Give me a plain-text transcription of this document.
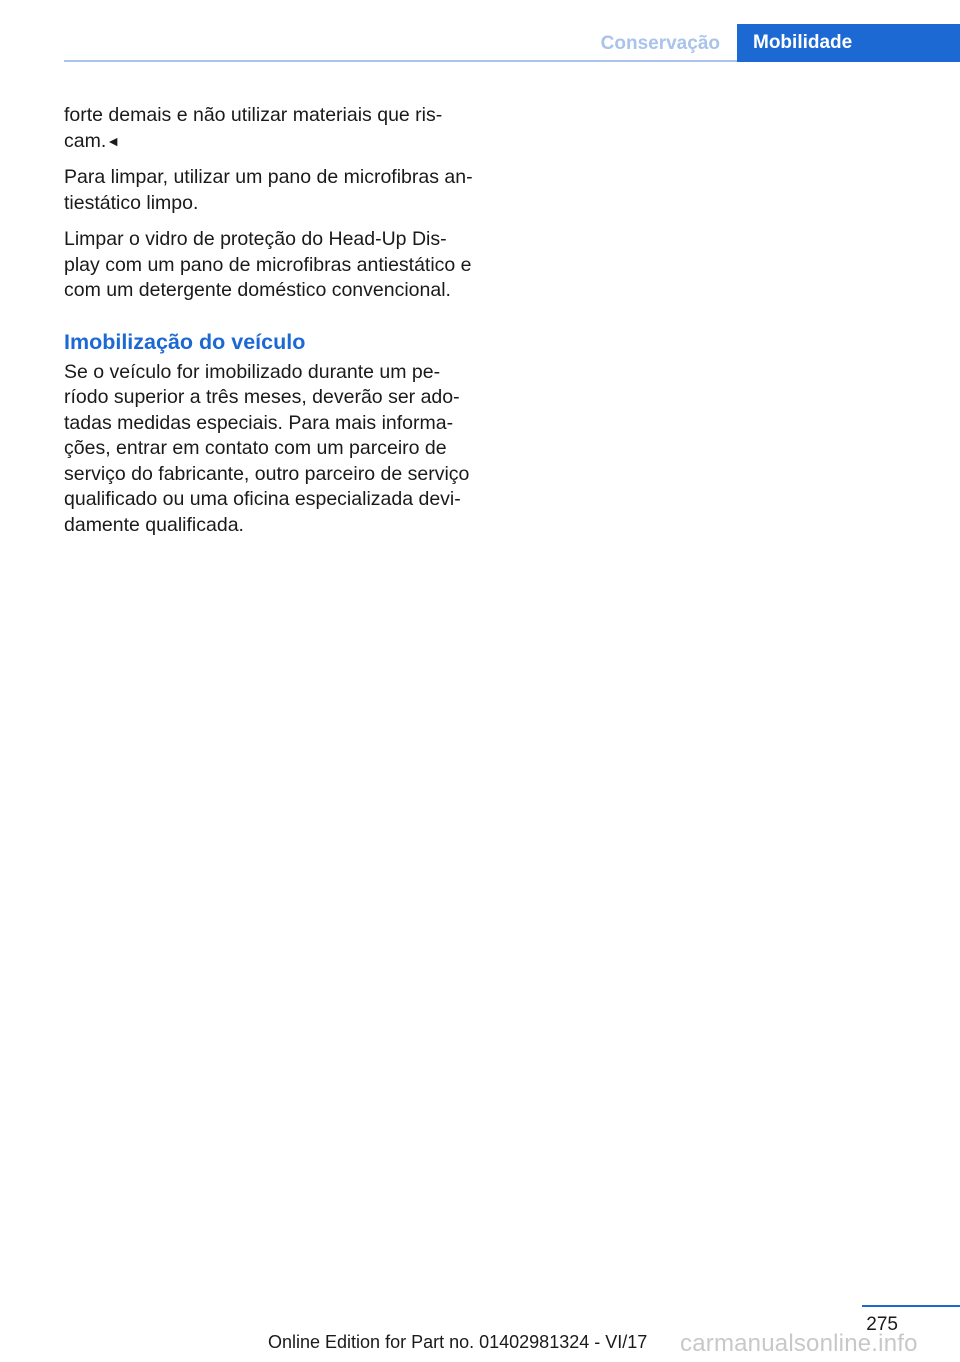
Conservação	Mobilidade

forte demais e não utilizar materiais que ris‐ cam.◄

Para limpar, utilizar um pano de microfibras an‐ tiestático limpo.

Limpar o vidro de proteção do Head-Up Dis‐ play com um pano de microfibras antiestático e com um detergente doméstico convencional.

Imobilização do veículo

Se o veículo for imobilizado durante um pe‐ ríodo superior a três meses, deverão ser ado‐ tadas medidas especiais. Para mais informa‐ ções, entrar em contato com um parceiro de serviço do fabricante, outro parceiro de serviço qualificado ou uma oficina especializada devi‐ damente qualificada.

275
Online Edition for Part no. 01402981324 - VI/17 carmanualsonline.info
